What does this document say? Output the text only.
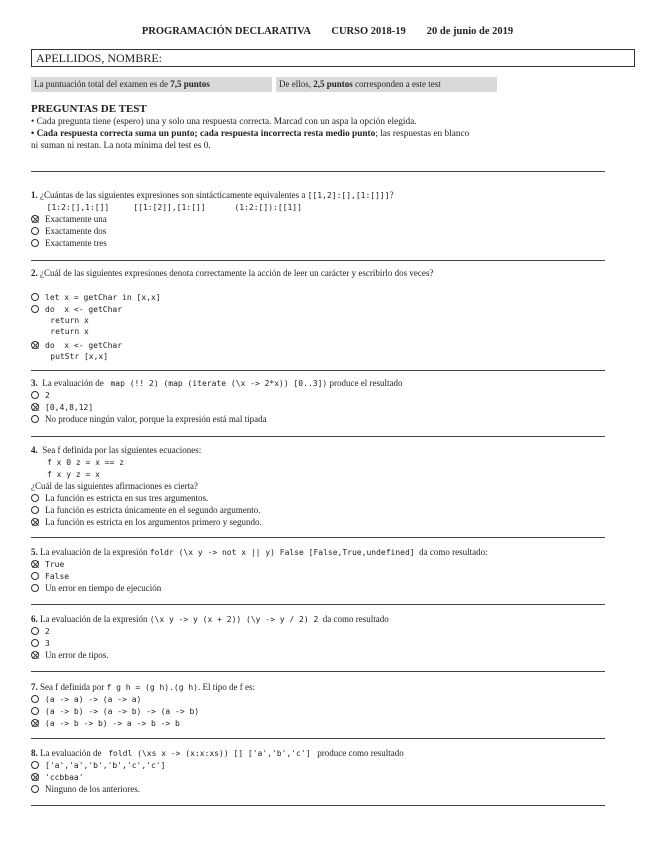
PROGRAMACIÓN DECLARATIVA CURSO 2018-19 20 de junio de 2019
APELLIDOS, NOMBRE:
La puntuación total del examen es de 7,5 puntos	De ellos, 2,5 puntos corresponden a este test
PREGUNTAS DE TEST
• Cada pregunta tiene (espero) una y solo una respuesta correcta. Marcad con un aspa la opción elegida.
• Cada respuesta correcta suma un punto; cada respuesta incorrecta resta medio punto; las respuestas en blanco
ni suman ni restan. La nota mínima del test es 0.
1. ¿Cuántas de las siguientes expresiones son sintácticamente equivalentes a [[1,2]:[],[1:[]]]?
[1:2:[],1:[]]     [[1:[2]],[1:[]]      (1:2:[]):[[1]]
Exactamente una
Exactamente dos
Exactamente tres
2. ¿Cuál de las siguientes expresiones denota correctamente la acción de leer un carácter y escribirlo dos veces?
let x = getChar in [x,x]
do  x <- getChar
return x
return x
do  x <- getChar
putStr [x,x]
3.  La evaluación de   map (!! 2) (map (iterate (\x -> 2*x)) [0..3]) produce el resultado
2
[0,4,8,12]
No produce ningún valor, porque la expresión está mal tipada
4.  Sea f definida por las siguientes ecuaciones:
f x 0 z = x == z
f x y z = x
¿Cuál de las siguientes afirmaciones es cierta?
La función es estricta en sus tres argumentos.
La función es estricta únicamente en el segundo argumento.
La función es estricta en los argumentos primero y segundo.
5. La evaluación de la expresión foldr (\x y -> not x || y) False [False,True,undefined]  da como resultado:
True
False
Un error en tiempo de ejecución
6. La evaluación de la expresión (\x y -> y (x + 2)) (\y -> y / 2) 2  da como resultado
2
3
Un error de tipos.
7. Sea f definida por f g h = (g h).(g h). El tipo de f es:
(a -> a) -> (a -> a)
(a -> b) -> (a -> b) -> (a -> b)
(a -> b -> b) -> a -> b -> b
8. La evaluación de   foldl (\xs x -> (x:x:xs)) [] ['a','b','c']   produce como resultado
['a','a','b','b','c','c']
'ccbbaa'
Ninguno de los anteriores.
